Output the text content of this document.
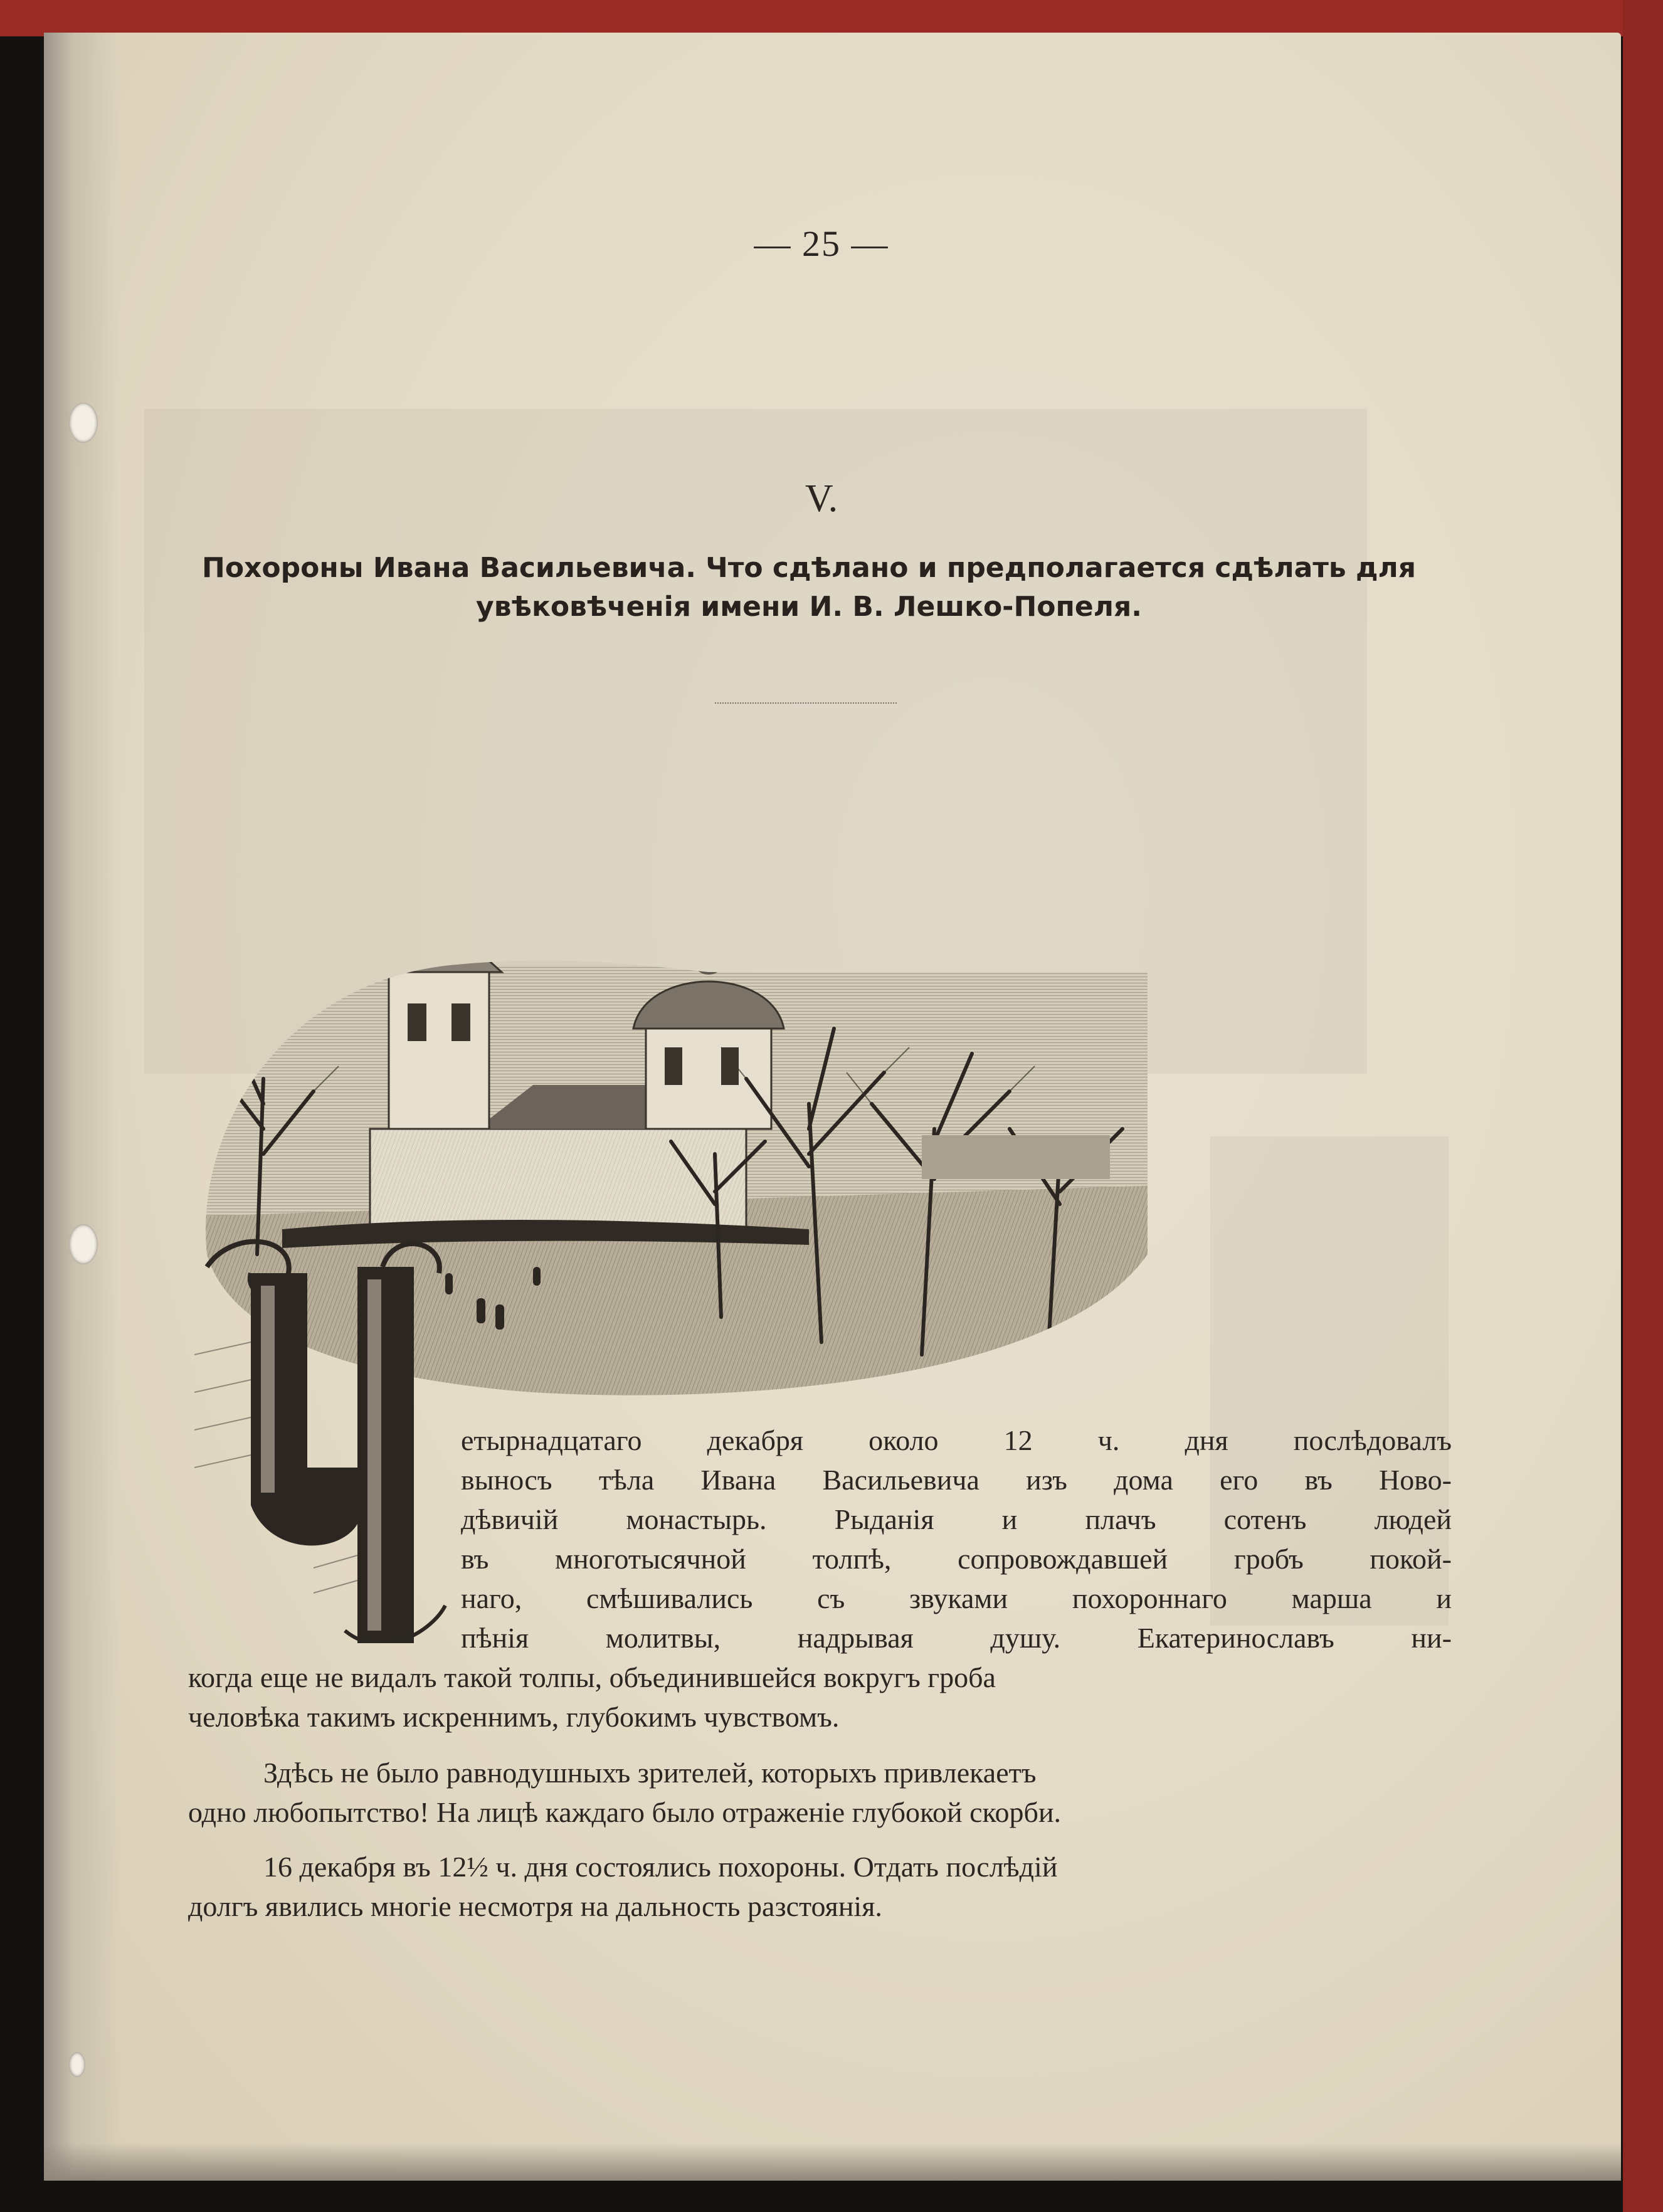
— 25 —
V.
Похороны Ивана Васильевича. Что сдѣлано и предполагается сдѣлать для
увѣковѣченія имени И. В. Лешко-Попеля.
етырнадцатаго декабря около 12 ч. дня послѣдовалъ
выносъ тѣла Ивана Васильевича изъ дома его въ Ново-
дѣвичій монастырь. Рыданія и плачъ сотенъ людей
въ многотысячной толпѣ, сопровождавшей гробъ покой-
наго, смѣшивались съ звуками похороннаго марша и
пѣнія молитвы, надрывая душу. Екатеринославъ ни-
когда еще не видалъ такой толпы, объединившейся вокругъ гроба
человѣка такимъ искреннимъ, глубокимъ чувствомъ.
Здѣсь не было равнодушныхъ зрителей, которыхъ привлекаетъ
одно любопытство! На лицѣ каждаго было отраженіе глубокой скорби.
16 декабря въ 12½ ч. дня состоялись похороны. Отдать послѣдій
долгъ явились многіе несмотря на дальность разстоянія.
